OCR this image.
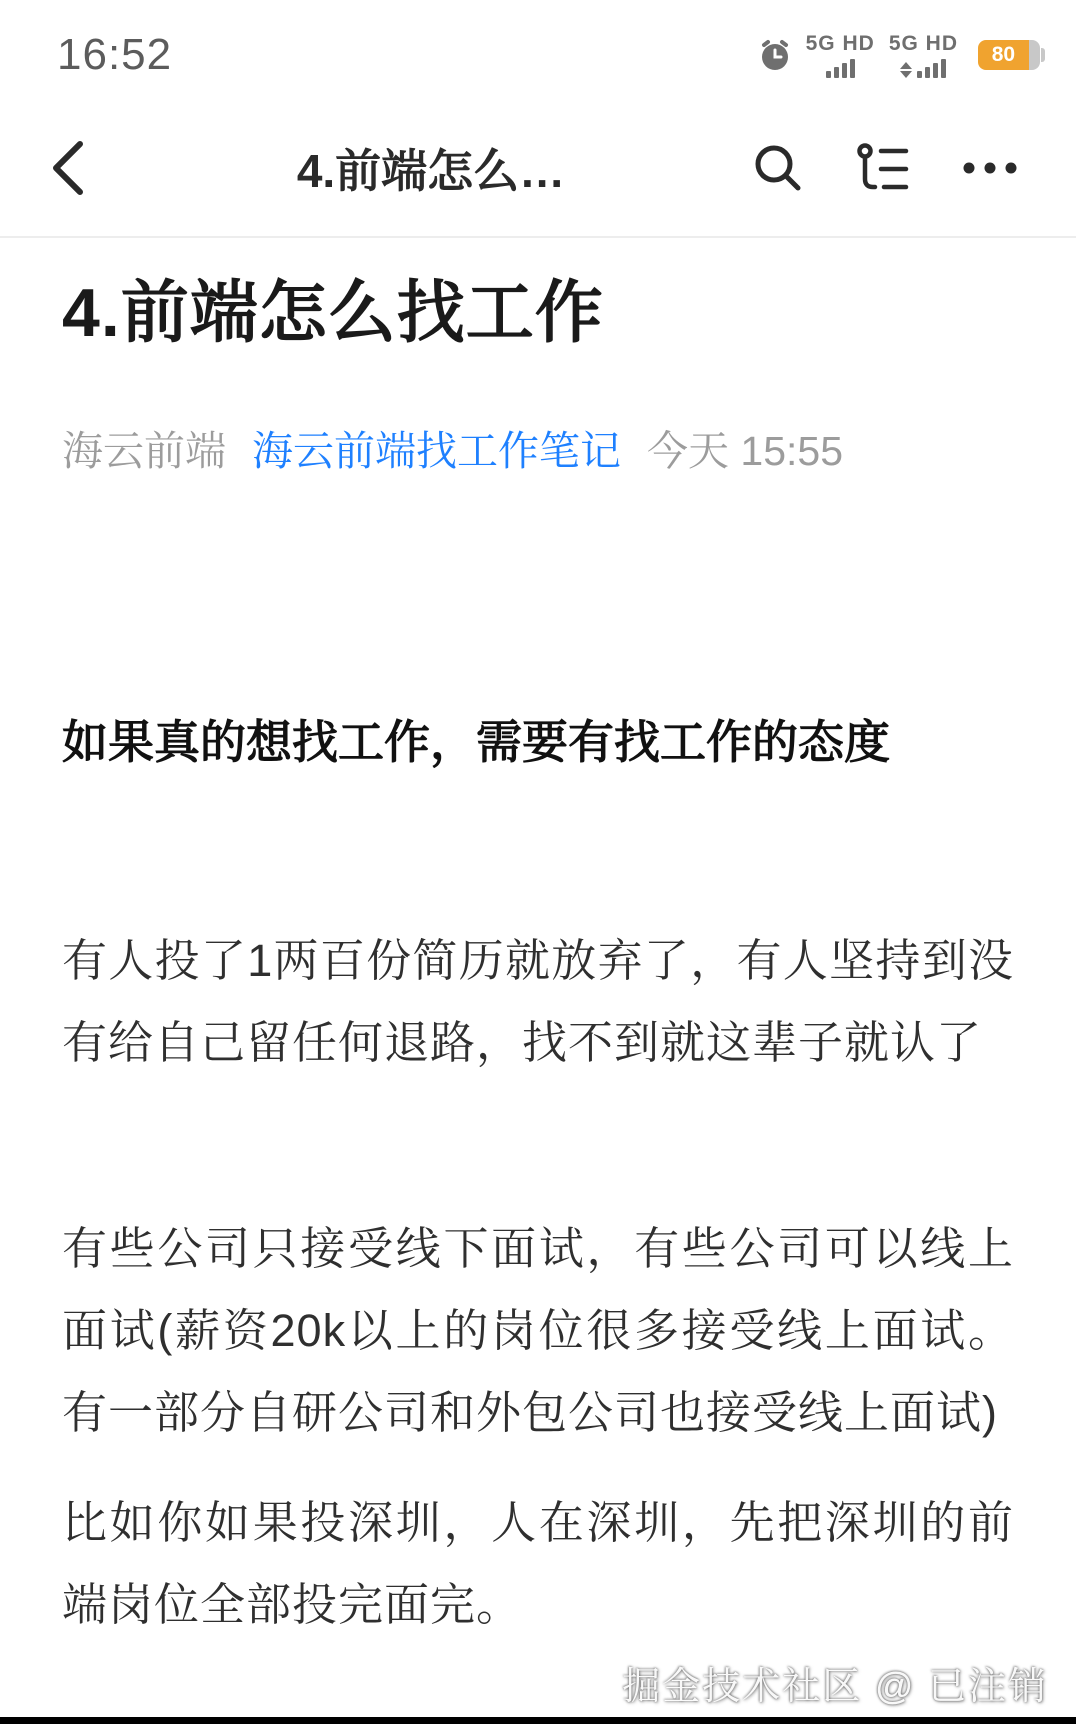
16:52	5G HD 5G HD	80
4.前端怎么…
4.前端怎么找工作
海云前端 海云前端找工作笔记 今天 15:55
如果真的想找工作，需要有找工作的态度

有人投了1两百份简历就放弃了，有人坚持到没有给自己留任何退路，找不到就这辈子就认了

有些公司只接受线下面试，有些公司可以线上面试(薪资20k以上的岗位很多接受线上面试。有一部分自研公司和外包公司也接受线上面试)

比如你如果投深圳，人在深圳，先把深圳的前端岗位全部投完面完。

掘金技术社区 @ 已注销
